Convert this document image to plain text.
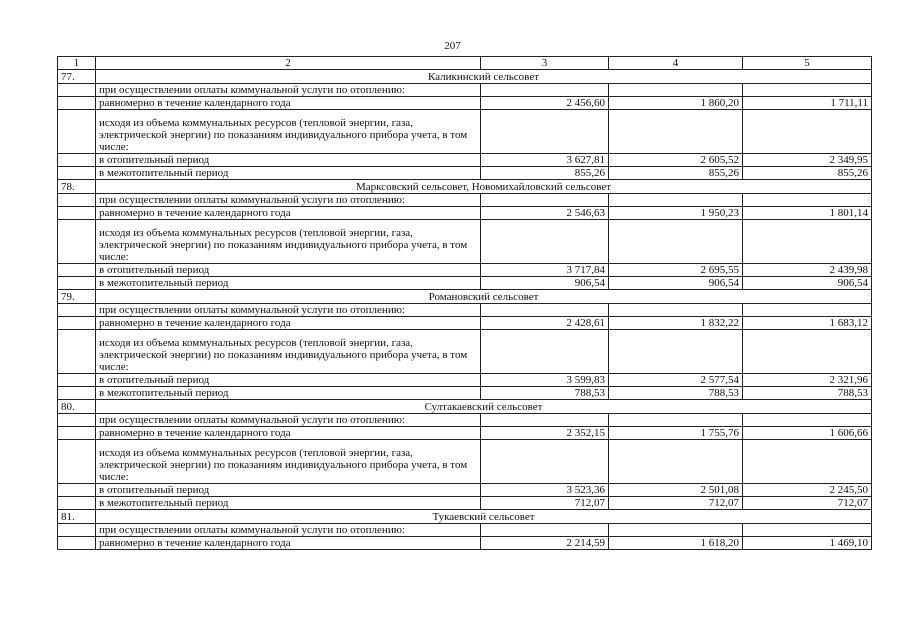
207
1	2	3	4	5
77.	Каликинский сельсовет			
	при осуществлении оплаты коммунальной услуги по отоплению:			
	равномерно в течение календарного года	2 456,60	1 860,20	1 711,11
	исходя из объема коммунальных ресурсов (тепловой энергии, газа, электрической энергии) по показаниям индивидуального прибора учета, в том числе:			
	в отопительный период	3 627,81	2 605,52	2 349,95
	в межотопительный период	855,26	855,26	855,26
78.	Марксовский сельсовет, Новомихайловский сельсовет			
	при осуществлении оплаты коммунальной услуги по отоплению:			
	равномерно в течение календарного года	2 546,63	1 950,23	1 801,14
	исходя из объема коммунальных ресурсов (тепловой энергии, газа, электрической энергии) по показаниям индивидуального прибора учета, в том числе:			
	в отопительный период	3 717,84	2 695,55	2 439,98
	в межотопительный период	906,54	906,54	906,54
79.	Романовский сельсовет			
	при осуществлении оплаты коммунальной услуги по отоплению:			
	равномерно в течение календарного года	2 428,61	1 832,22	1 683,12
	исходя из объема коммунальных ресурсов (тепловой энергии, газа, электрической энергии) по показаниям индивидуального прибора учета, в том числе:			
	в отопительный период	3 599,83	2 577,54	2 321,96
	в межотопительный период	788,53	788,53	788,53
80.	Султакаевский сельсовет			
	при осуществлении оплаты коммунальной услуги по отоплению:			
	равномерно в течение календарного года	2 352,15	1 755,76	1 606,66
	исходя из объема коммунальных ресурсов (тепловой энергии, газа, электрической энергии) по показаниям индивидуального прибора учета, в том числе:			
	в отопительный период	3 523,36	2 501,08	2 245,50
	в межотопительный период	712,07	712,07	712,07
81.	Тукаевский сельсовет			
	при осуществлении оплаты коммунальной услуги по отоплению:			
	равномерно в течение календарного года	2 214,59	1 618,20	1 469,10
